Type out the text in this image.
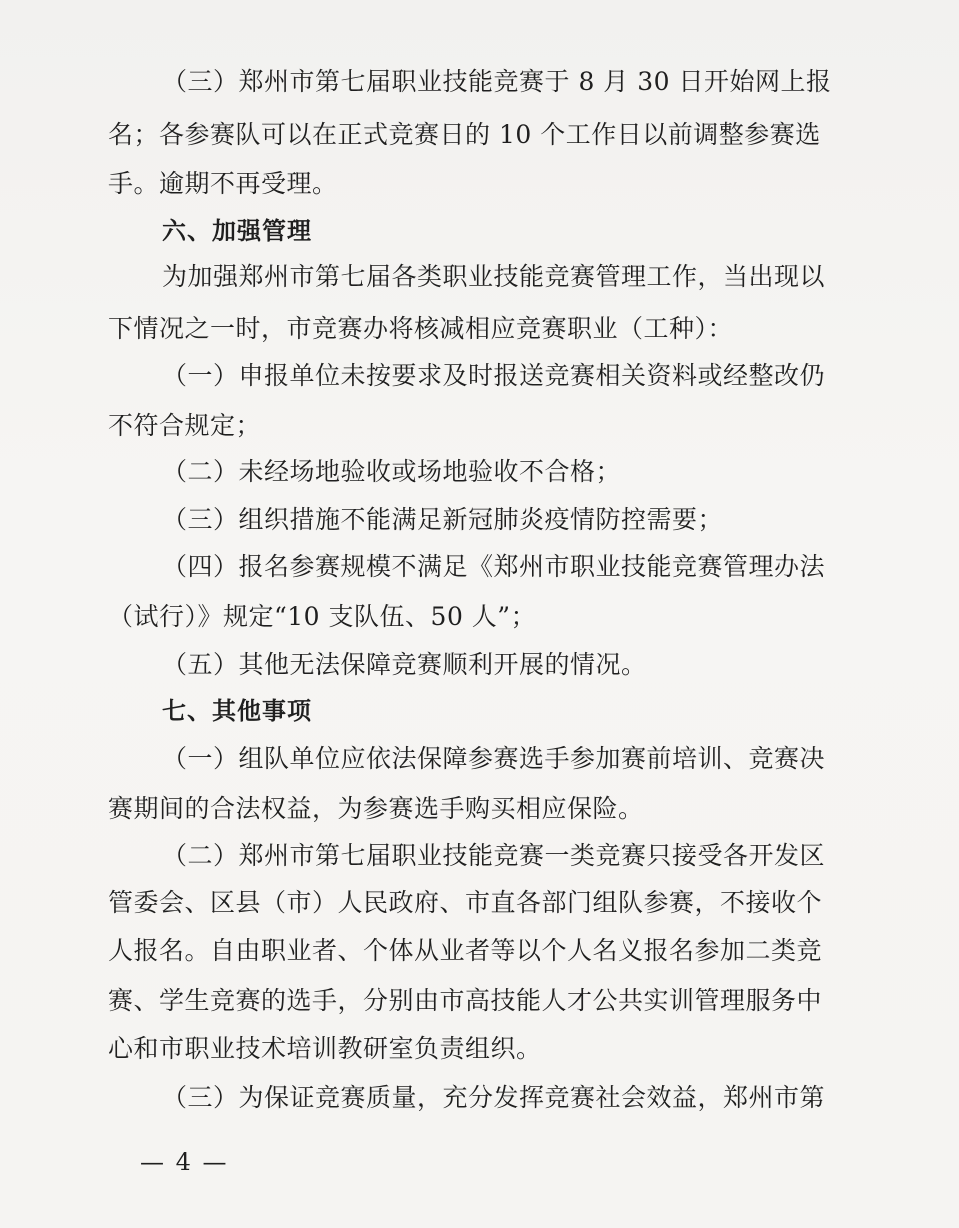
（三）郑州市第七届职业技能竞赛于 8 月 30 日开始网上报
名；各参赛队可以在正式竞赛日的 10 个工作日以前调整参赛选
手。逾期不再受理。
六、加强管理
为加强郑州市第七届各类职业技能竞赛管理工作，当出现以
下情况之一时，市竞赛办将核减相应竞赛职业（工种）：
（一）申报单位未按要求及时报送竞赛相关资料或经整改仍
不符合规定；
（二）未经场地验收或场地验收不合格；
（三）组织措施不能满足新冠肺炎疫情防控需要；
（四）报名参赛规模不满足《郑州市职业技能竞赛管理办法
（试行）》规定“10 支队伍、50 人”；
（五）其他无法保障竞赛顺利开展的情况。
七、其他事项
（一）组队单位应依法保障参赛选手参加赛前培训、竞赛决
赛期间的合法权益，为参赛选手购买相应保险。
（二）郑州市第七届职业技能竞赛一类竞赛只接受各开发区
管委会、区县（市）人民政府、市直各部门组队参赛，不接收个
人报名。自由职业者、个体从业者等以个人名义报名参加二类竞
赛、学生竞赛的选手，分别由市高技能人才公共实训管理服务中
心和市职业技术培训教研室负责组织。
（三）为保证竞赛质量，充分发挥竞赛社会效益，郑州市第
— 4 —
